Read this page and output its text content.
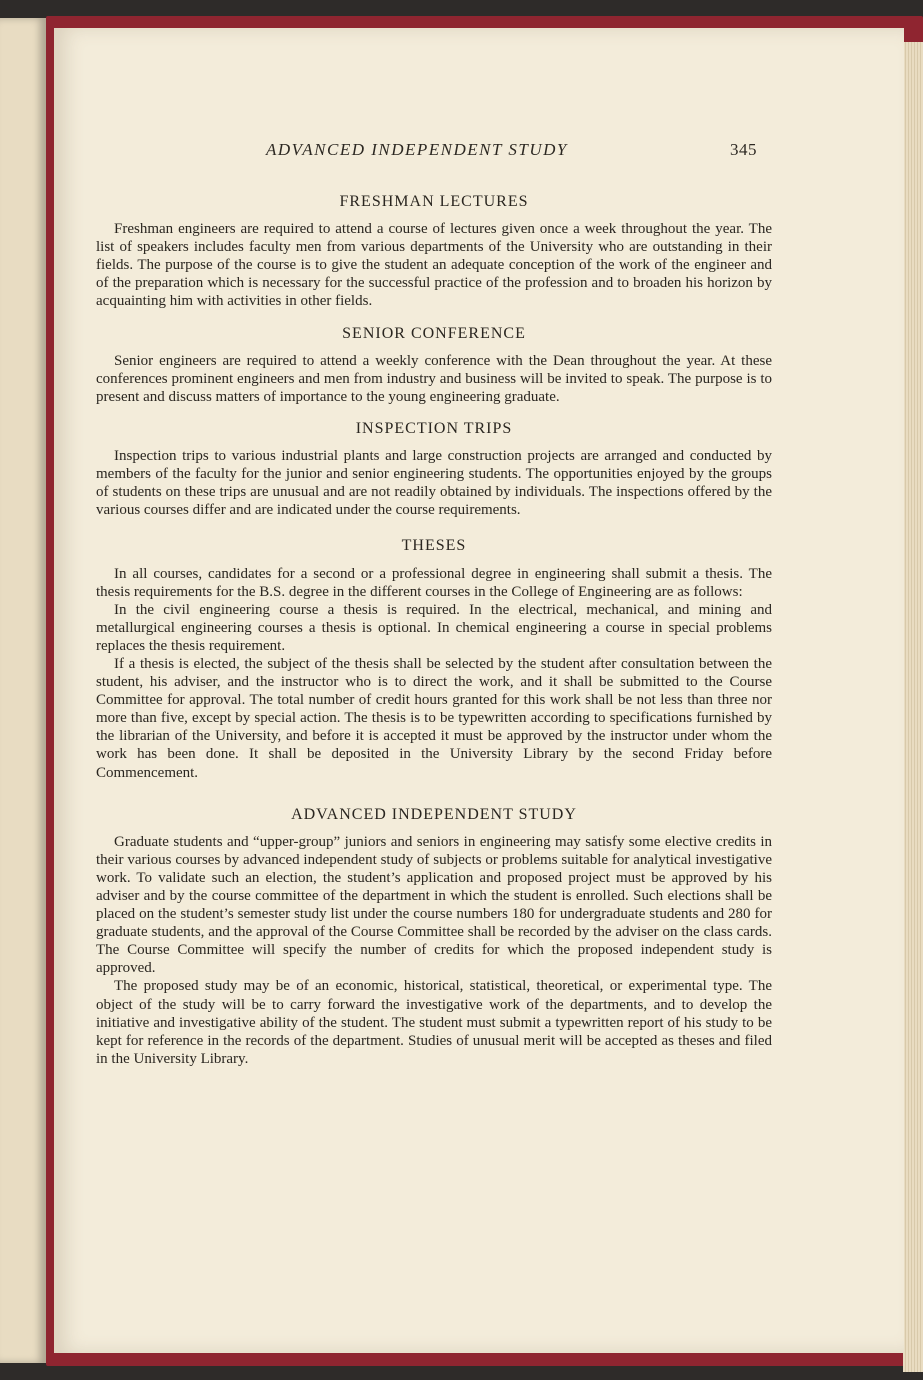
ADVANCED INDEPENDENT STUDY	345
FRESHMAN LECTURES

Freshman engineers are required to attend a course of lectures given once a week throughout the year. The list of speakers includes faculty men from various departments of the University who are outstanding in their fields. The purpose of the course is to give the student an adequate conception of the work of the engineer and of the preparation which is necessary for the successful practice of the profession and to broaden his horizon by acquainting him with activities in other fields.

SENIOR CONFERENCE

Senior engineers are required to attend a weekly conference with the Dean throughout the year. At these conferences prominent engineers and men from industry and business will be invited to speak. The purpose is to present and discuss matters of importance to the young engineering graduate.

INSPECTION TRIPS

Inspection trips to various industrial plants and large construction projects are arranged and conducted by members of the faculty for the junior and senior engineering students. The opportunities enjoyed by the groups of students on these trips are unusual and are not readily obtained by individuals. The inspections offered by the various courses differ and are indicated under the course requirements.

THESES

In all courses, candidates for a second or a professional degree in engineering shall submit a thesis. The thesis requirements for the B.S. degree in the different courses in the College of Engineering are as follows:

In the civil engineering course a thesis is required. In the electrical, mechanical, and mining and metallurgical engineering courses a thesis is optional. In chemical engineering a course in special problems replaces the thesis requirement.

If a thesis is elected, the subject of the thesis shall be selected by the student after consultation between the student, his adviser, and the instructor who is to direct the work, and it shall be submitted to the Course Committee for approval. The total number of credit hours granted for this work shall be not less than three nor more than five, except by special action. The thesis is to be typewritten according to specifications furnished by the librarian of the University, and before it is accepted it must be approved by the instructor under whom the work has been done. It shall be deposited in the University Library by the second Friday before Commencement.

ADVANCED INDEPENDENT STUDY

Graduate students and “upper-group” juniors and seniors in engineering may satisfy some elective credits in their various courses by advanced independent study of subjects or problems suitable for analytical investigative work. To validate such an election, the student’s application and proposed project must be approved by his adviser and by the course committee of the department in which the student is enrolled. Such elections shall be placed on the student’s semester study list under the course numbers 180 for undergraduate students and 280 for graduate students, and the approval of the Course Committee shall be recorded by the adviser on the class cards. The Course Committee will specify the number of credits for which the proposed independent study is approved.

The proposed study may be of an economic, historical, statistical, theoretical, or experimental type. The object of the study will be to carry forward the investigative work of the departments, and to develop the initiative and investigative ability of the student. The student must submit a typewritten report of his study to be kept for reference in the records of the department. Studies of unusual merit will be accepted as theses and filed in the University Library.
